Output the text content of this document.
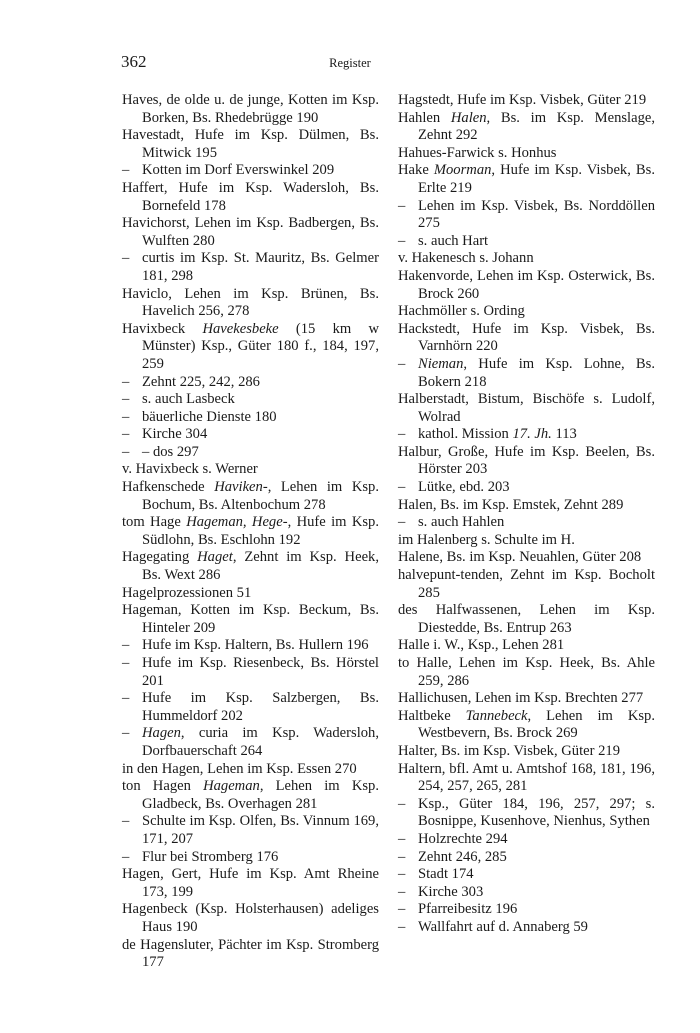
362	Register

Haves, de olde u. de junge, Kotten im Ksp. Borken, Bs. Rhedebrügge 190

Havestadt, Hufe im Ksp. Dülmen, Bs. Mitwick 195

– Kotten im Dorf Everswinkel 209

Haffert, Hufe im Ksp. Wadersloh, Bs. Bornefeld 178

Havichorst, Lehen im Ksp. Badbergen, Bs. Wulften 280

– curtis im Ksp. St. Mauritz, Bs. Gelmer 181, 298

Haviclo, Lehen im Ksp. Brünen, Bs. Havelich 256, 278

Havixbeck Havekesbeke (15 km w Münster) Ksp., Güter 180 f., 184, 197, 259

– Zehnt 225, 242, 286

– s. auch Lasbeck

– bäuerliche Dienste 180

– Kirche 304

– – dos 297

v. Havixbeck s. Werner

Hafkenschede Haviken-, Lehen im Ksp. Bochum, Bs. Altenbochum 278

tom Hage Hageman, Hege-, Hufe im Ksp. Südlohn, Bs. Eschlohn 192

Hagegating Haget, Zehnt im Ksp. Heek, Bs. Wext 286

Hagelprozessionen 51

Hageman, Kotten im Ksp. Beckum, Bs. Hinteler 209

– Hufe im Ksp. Haltern, Bs. Hullern 196

– Hufe im Ksp. Riesenbeck, Bs. Hörstel 201

– Hufe im Ksp. Salzbergen, Bs. Hummeldorf 202

– Hagen, curia im Ksp. Wadersloh, Dorfbauerschaft 264

in den Hagen, Lehen im Ksp. Essen 270

ton Hagen Hageman, Lehen im Ksp. Gladbeck, Bs. Overhagen 281

– Schulte im Ksp. Olfen, Bs. Vinnum 169, 171, 207

– Flur bei Stromberg 176

Hagen, Gert, Hufe im Ksp. Amt Rheine 173, 199

Hagenbeck (Ksp. Holsterhausen) adeliges Haus 190

de Hagensluter, Pächter im Ksp. Stromberg 177

Hagstedt, Hufe im Ksp. Visbek, Güter 219

Hahlen Halen, Bs. im Ksp. Menslage, Zehnt 292

Hahues-Farwick s. Honhus

Hake Moorman, Hufe im Ksp. Visbek, Bs. Erlte 219

– Lehen im Ksp. Visbek, Bs. Norddöllen 275

– s. auch Hart

v. Hakenesch s. Johann

Hakenvorde, Lehen im Ksp. Osterwick, Bs. Brock 260

Hachmöller s. Ording

Hackstedt, Hufe im Ksp. Visbek, Bs. Varnhörn 220

– Nieman, Hufe im Ksp. Lohne, Bs. Bokern 218

Halberstadt, Bistum, Bischöfe s. Ludolf, Wolrad

– kathol. Mission 17. Jh. 113

Halbur, Große, Hufe im Ksp. Beelen, Bs. Hörster 203

– Lütke, ebd. 203

Halen, Bs. im Ksp. Emstek, Zehnt 289

– s. auch Hahlen

im Halenberg s. Schulte im H.

Halene, Bs. im Ksp. Neuahlen, Güter 208

halvepunt-tenden, Zehnt im Ksp. Bocholt 285

des Halfwassenen, Lehen im Ksp. Diestedde, Bs. Entrup 263

Halle i. W., Ksp., Lehen 281

to Halle, Lehen im Ksp. Heek, Bs. Ahle 259, 286

Hallichusen, Lehen im Ksp. Brechten 277

Haltbeke Tannebeck, Lehen im Ksp. Westbevern, Bs. Brock 269

Halter, Bs. im Ksp. Visbek, Güter 219

Haltern, bfl. Amt u. Amtshof 168, 181, 196, 254, 257, 265, 281

– Ksp., Güter 184, 196, 257, 297; s. Bosnippe, Kusenhove, Nienhus, Sythen

– Holzrechte 294

– Zehnt 246, 285

– Stadt 174

– Kirche 303

– Pfarreibesitz 196

– Wallfahrt auf d. Annaberg 59
